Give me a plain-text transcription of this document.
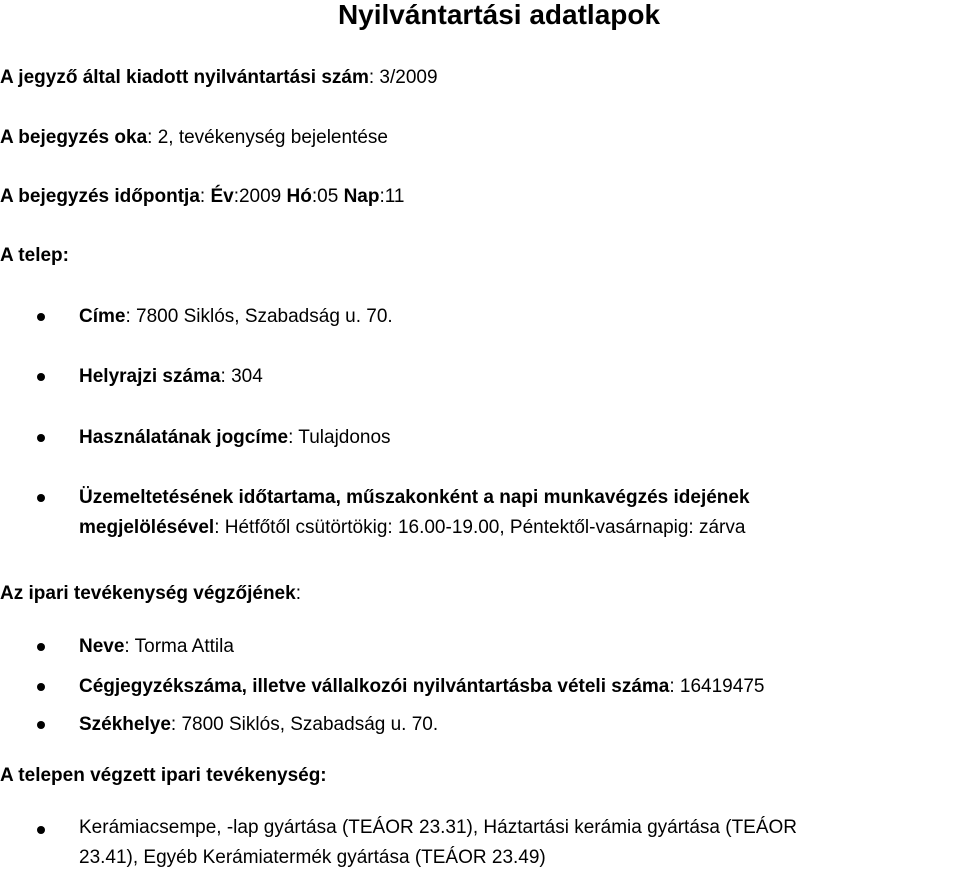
Nyilvántartási adatlapok
A jegyző által kiadott nyilvántartási szám: 3/2009
A bejegyzés oka: 2, tevékenység bejelentése
A bejegyzés időpontja: Év:2009 Hó:05 Nap:11
A telep:
Címe: 7800 Siklós, Szabadság u. 70.
Helyrajzi száma: 304
Használatának jogcíme: Tulajdonos
Üzemeltetésének időtartama, műszakonként a napi munkavégzés idejének
megjelölésével: Hétfőtől csütörtökig: 16.00-19.00, Péntektől-vasárnapig: zárva
Az ipari tevékenység végzőjének:
Neve: Torma Attila
Cégjegyzékszáma, illetve vállalkozói nyilvántartásba vételi száma: 16419475
Székhelye: 7800 Siklós, Szabadság u. 70.
A telepen végzett ipari tevékenység:
Kerámiacsempe, -lap gyártása (TEÁOR 23.31), Háztartási kerámia gyártása (TEÁOR
23.41), Egyéb Kerámiatermék gyártása (TEÁOR 23.49)
